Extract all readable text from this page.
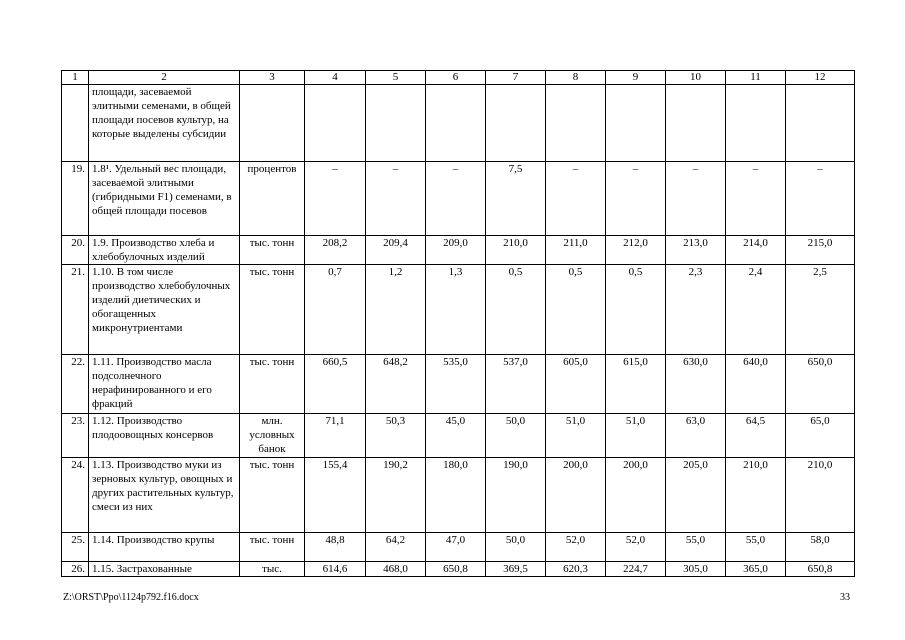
1	2	3	4	5	6	7	8	9	10	11	12
	площади, засеваемой элитными семенами, в общей площади посевов культур, на которые выделены субсидии										
19.	1.8¹. Удельный вес площади, засеваемой элитными (гибридными F1) семенами, в общей площади посевов	процентов	–	–	–	7,5	–	–	–	–	–
20.	1.9. Производство хлеба и хлебобулочных изделий	тыс. тонн	208,2	209,4	209,0	210,0	211,0	212,0	213,0	214,0	215,0
21.	1.10. В том числе производство хлебобулочных изделий диетических и обогащенных микронутриентами	тыс. тонн	0,7	1,2	1,3	0,5	0,5	0,5	2,3	2,4	2,5
22.	1.11. Производство масла подсолнечного нерафинированного и его фракций	тыс. тонн	660,5	648,2	535,0	537,0	605,0	615,0	630,0	640,0	650,0
23.	1.12. Производство плодоовощных консервов	млн. условных банок	71,1	50,3	45,0	50,0	51,0	51,0	63,0	64,5	65,0
24.	1.13. Производство муки из зерновых культур, овощных и других растительных культур, смеси из них	тыс. тонн	155,4	190,2	180,0	190,0	200,0	200,0	205,0	210,0	210,0
25.	1.14. Производство крупы	тыс. тонн	48,8	64,2	47,0	50,0	52,0	52,0	55,0	55,0	58,0
26.	1.15. Застрахованные	тыс.	614,6	468,0	650,8	369,5	620,3	224,7	305,0	365,0	650,8
Z:\ORST\Ppo\1124p792.f16.docx	33
